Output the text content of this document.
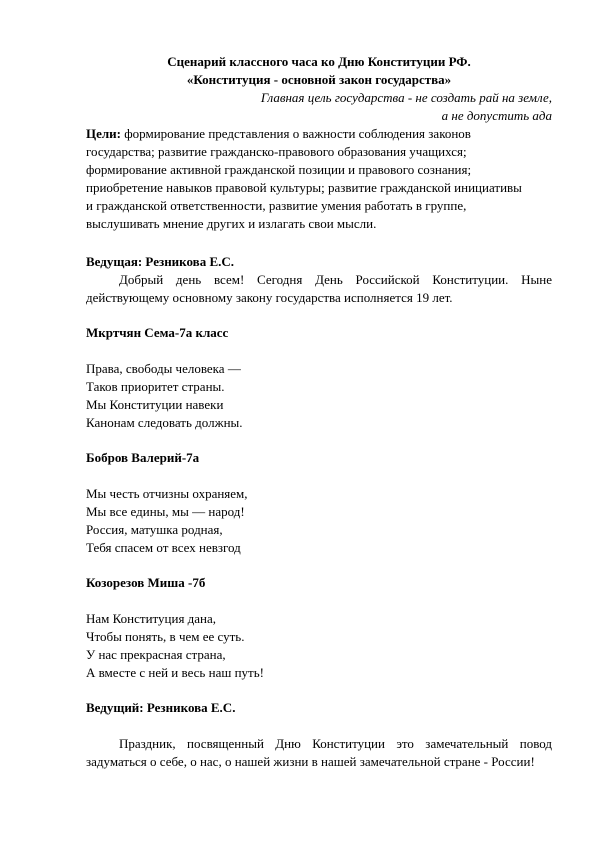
Сценарий классного часа ко Дню Конституции РФ.

«Конституция - основной закон государства»

Главная цель государства - не создать рай на земле,

а не допустить ада

Цели: формирование представления о важности соблюдения законов
государства; развитие гражданско-правового образования учащихся;
формирование активной гражданской позиции и правового сознания;
приобретение навыков правовой культуры; развитие гражданской инициативы
и гражданской ответственности, развитие умения работать в группе,
выслушивать мнение других и излагать свои мысли.

Ведущая: Резникова Е.С.

Добрый день всем! Сегодня День Российской Конституции. Ныне действующему основному закону государства исполняется 19 лет.

Мкртчян Сема-7а класс

Права, свободы человека —
Таков приоритет страны.
Мы Конституции навеки
Канонам следовать должны.

Бобров Валерий-7а

Мы честь отчизны охраняем,
Мы все едины, мы — народ!
Россия, матушка родная,
Тебя спасем от всех невзгод

Козорезов Миша -7б

Нам Конституция дана,
Чтобы понять, в чем ее суть.
У нас прекрасная страна,
А вместе с ней и весь наш путь!

Ведущий: Резникова Е.С.

Праздник, посвященный Дню Конституции это замечательный повод задуматься о себе, о нас, о нашей жизни в нашей замечательной стране - России!
